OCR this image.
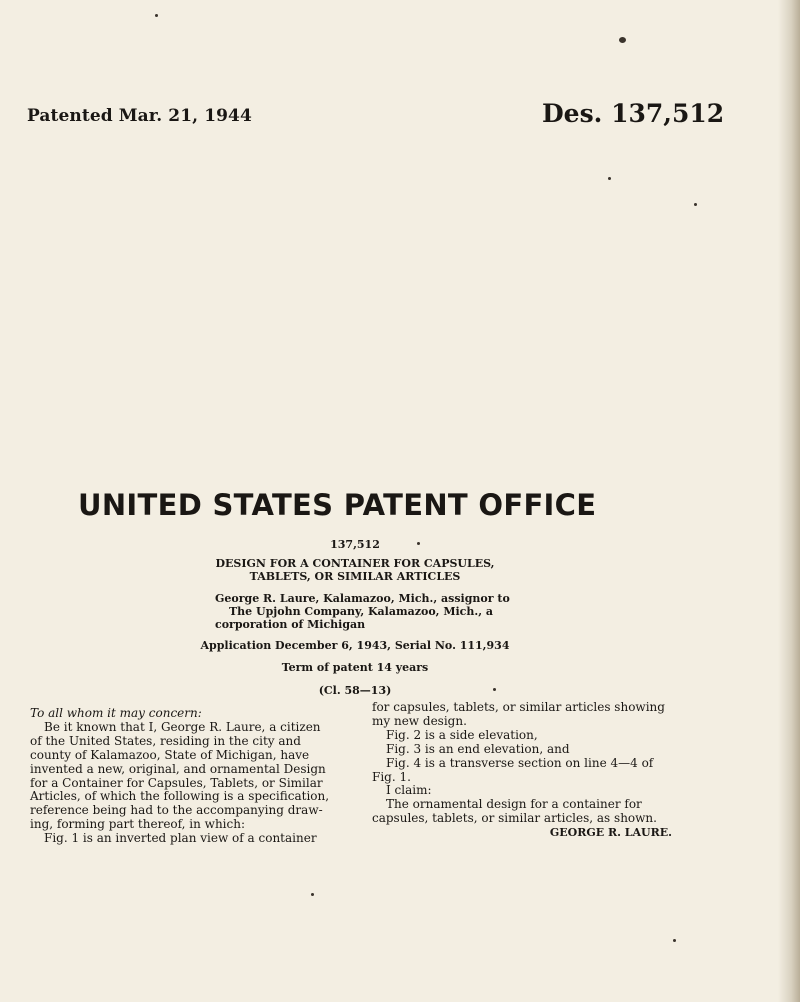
Patented Mar. 21, 1944	Des. 137,512
UNITED STATES PATENT OFFICE
137,512
DESIGN FOR A CONTAINER FOR CAPSULES,
TABLETS, OR SIMILAR ARTICLES
George R. Laure, Kalamazoo, Mich., assignor to
The Upjohn Company, Kalamazoo, Mich., a
corporation of Michigan
Application December 6, 1943, Serial No. 111,934
Term of patent 14 years
(Cl. 58—13)

To all whom it may concern:

Be it known that I, George R. Laure, a citizen

of the United States, residing in the city and

county of Kalamazoo, State of Michigan, have

invented a new, original, and ornamental Design

for a Container for Capsules, Tablets, or Similar

Articles, of which the following is a specification,

reference being had to the accompanying draw-

ing, forming part thereof, in which:

Fig. 1 is an inverted plan view of a container

for capsules, tablets, or similar articles showing

my new design.

Fig. 2 is a side elevation,

Fig. 3 is an end elevation, and

Fig. 4 is a transverse section on line 4—4 of

Fig. 1.

I claim:

The ornamental design for a container for

capsules, tablets, or similar articles, as shown.

GEORGE R. LAURE.
